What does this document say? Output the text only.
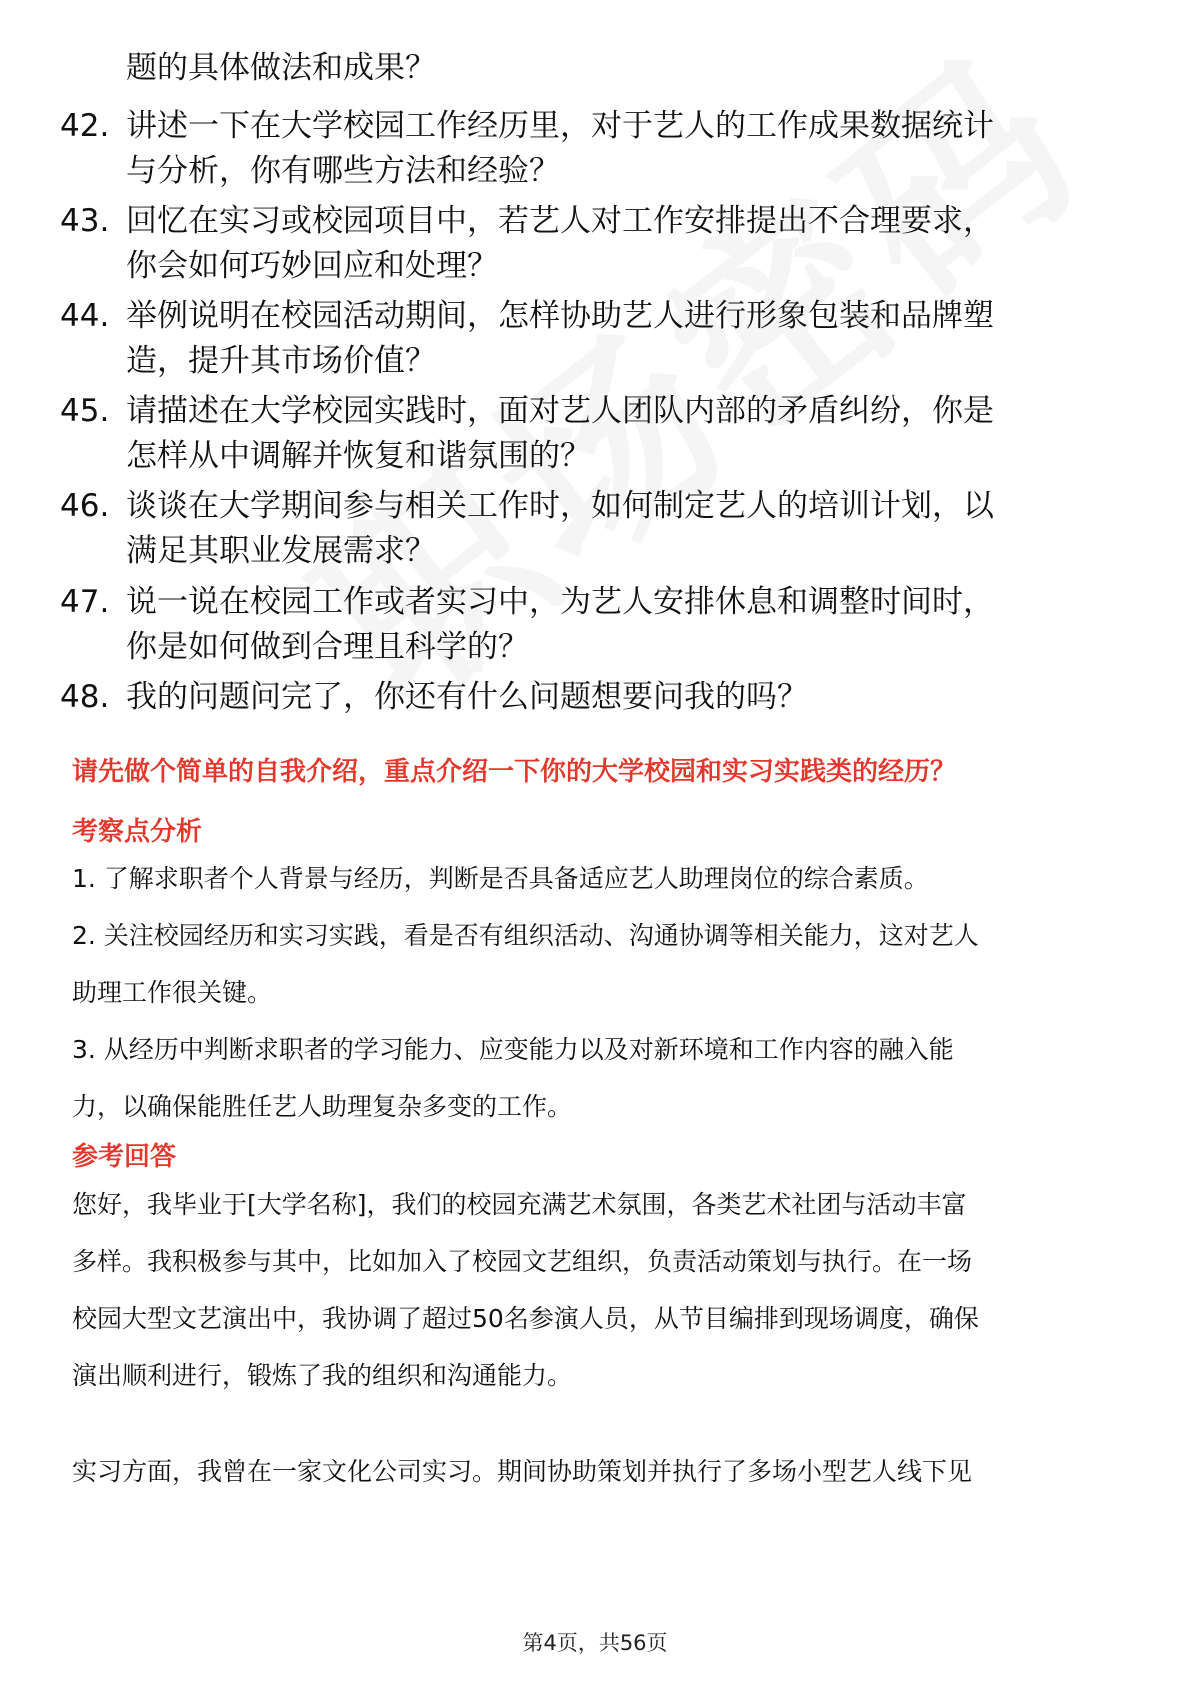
题的具体做法和成果？
42. 讲述一下在大学校园工作经历里，对于艺人的工作成果数据统计
与分析，你有哪些方法和经验？
43. 回忆在实习或校园项目中，若艺人对工作安排提出不合理要求，
你会如何巧妙回应和处理？
44. 举例说明在校园活动期间，怎样协助艺人进行形象包装和品牌塑
造，提升其市场价值？
45. 请描述在大学校园实践时，面对艺人团队内部的矛盾纠纷，你是
怎样从中调解并恢复和谐氛围的？
46. 谈谈在大学期间参与相关工作时，如何制定艺人的培训计划，以
满足其职业发展需求？
47. 说一说在校园工作或者实习中，为艺人安排休息和调整时间时，
你是如何做到合理且科学的？
48. 我的问题问完了，你还有什么问题想要问我的吗？
请先做个简单的自我介绍，重点介绍一下你的大学校园和实习实践类的经历？
考察点分析
1. 了解求职者个人背景与经历，判断是否具备适应艺人助理岗位的综合素质。
2. 关注校园经历和实习实践，看是否有组织活动、沟通协调等相关能力，这对艺人
助理工作很关键。
3. 从经历中判断求职者的学习能力、应变能力以及对新环境和工作内容的融入能
力，以确保能胜任艺人助理复杂多变的工作。
参考回答
您好，我毕业于[大学名称]，我们的校园充满艺术氛围，各类艺术社团与活动丰富
多样。我积极参与其中，比如加入了校园文艺组织，负责活动策划与执行。在一场
校园大型文艺演出中，我协调了超过50名参演人员，从节目编排到现场调度，确保
演出顺利进行，锻炼了我的组织和沟通能力。
实习方面，我曾在一家文化公司实习。期间协助策划并执行了多场小型艺人线下见
第4页，共56页
